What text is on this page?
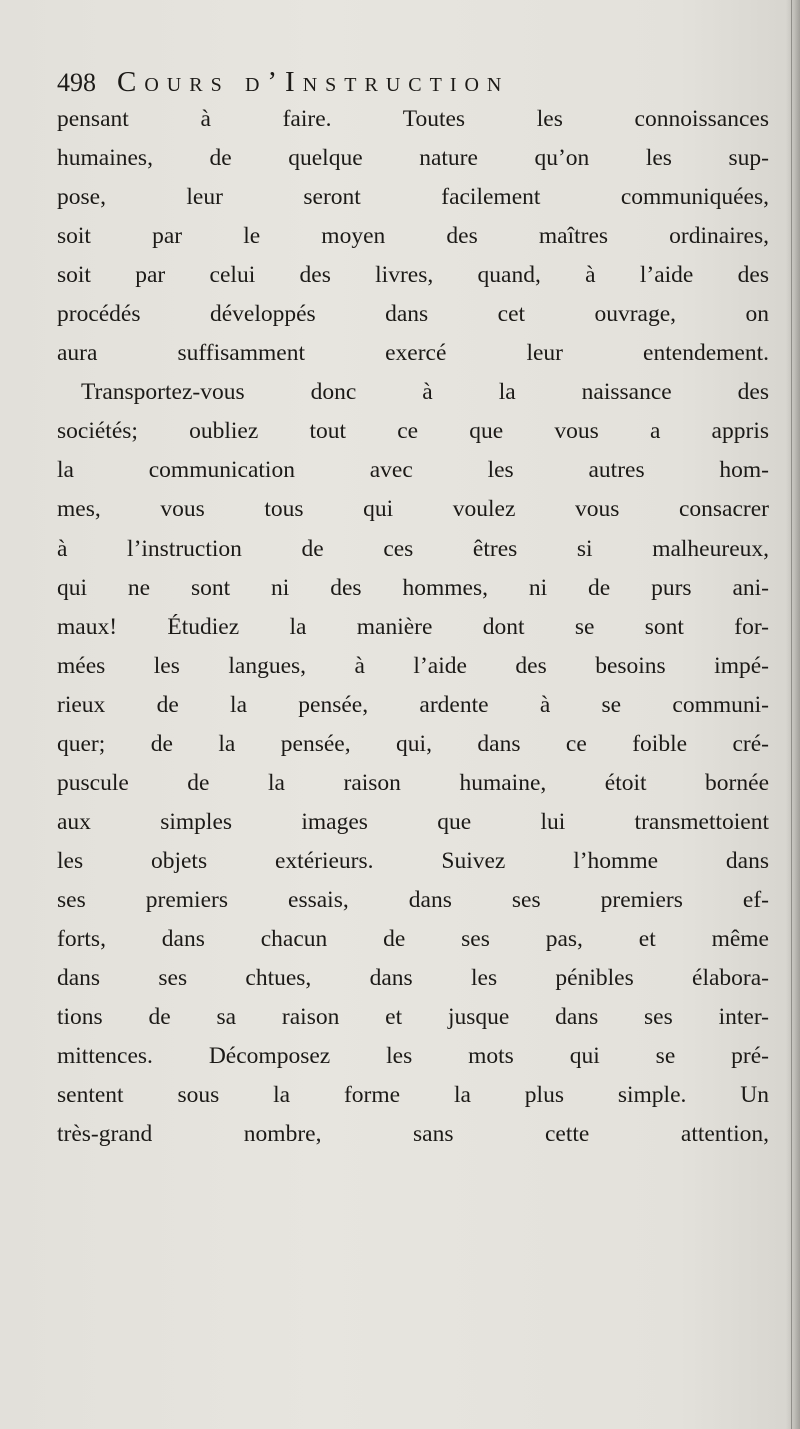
498 Cours d’Instruction
pensant à faire. Toutes les connoissances
humaines, de quelque nature qu’on les sup-
pose, leur seront facilement communiquées,
soit par le moyen des maîtres ordinaires,
soit par celui des livres, quand, à l’aide des
procédés développés dans cet ouvrage, on
aura suffisamment exercé leur entendement.
Transportez-vous donc à la naissance des
sociétés; oubliez tout ce que vous a appris
la communication avec les autres hom-
mes, vous tous qui voulez vous consacrer
à l’instruction de ces êtres si malheureux,
qui ne sont ni des hommes, ni de purs ani-
maux! Étudiez la manière dont se sont for-
mées les langues, à l’aide des besoins impé-
rieux de la pensée, ardente à se communi-
quer; de la pensée, qui, dans ce foible cré-
puscule de la raison humaine, étoit bornée
aux simples images que lui transmettoient
les objets extérieurs. Suivez l’homme dans
ses premiers essais, dans ses premiers ef-
forts, dans chacun de ses pas, et même
dans ses chtues, dans les pénibles élabora-
tions de sa raison et jusque dans ses inter-
mittences. Décomposez les mots qui se pré-
sentent sous la forme la plus simple. Un
très-grand nombre, sans cette attention,
